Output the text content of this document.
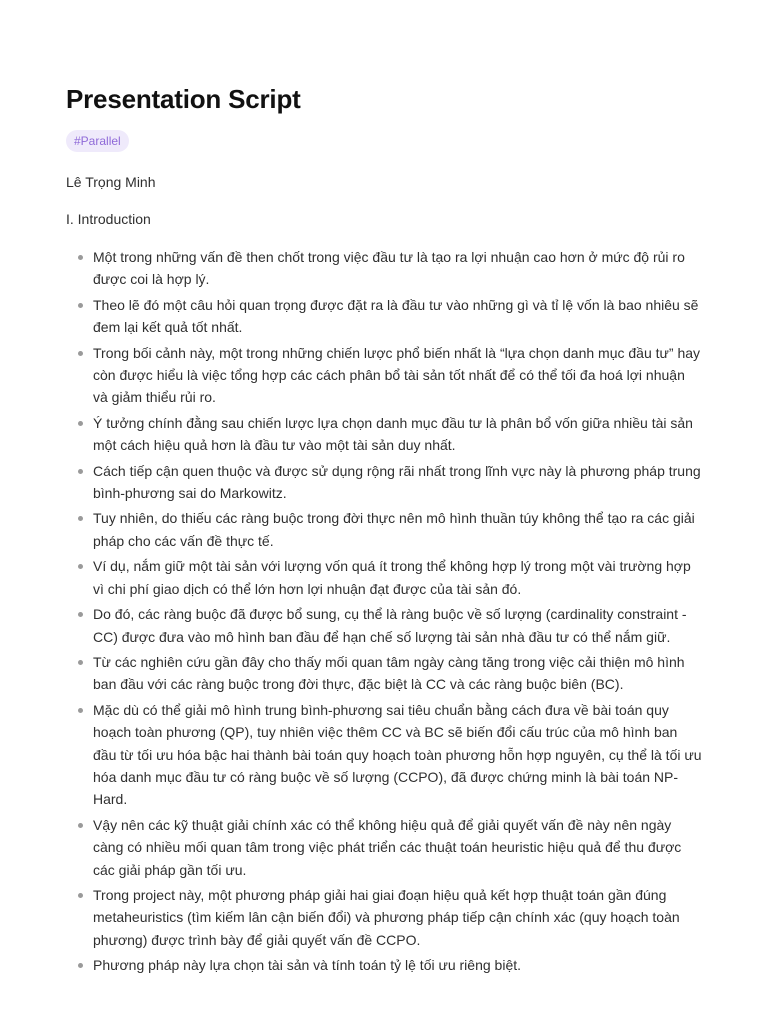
Presentation Script
#Parallel
Lê Trọng Minh
I. Introduction
Một trong những vấn đề then chốt trong việc đầu tư là tạo ra lợi nhuận cao hơn ở mức độ rủi ro được coi là hợp lý.
Theo lẽ đó một câu hỏi quan trọng được đặt ra là đầu tư vào những gì và tỉ lệ vốn là bao nhiêu sẽ đem lại kết quả tốt nhất.
Trong bối cảnh này, một trong những chiến lược phổ biến nhất là “lựa chọn danh mục đầu tư” hay còn được hiểu là việc tổng hợp các cách phân bổ tài sản tốt nhất để có thể tối đa hoá lợi nhuận và giảm thiểu rủi ro.
Ý tưởng chính đằng sau chiến lược lựa chọn danh mục đầu tư là phân bổ vốn giữa nhiều tài sản một cách hiệu quả hơn là đầu tư vào một tài sản duy nhất.
Cách tiếp cận quen thuộc và được sử dụng rộng rãi nhất trong lĩnh vực này là phương pháp trung bình-phương sai do Markowitz.
Tuy nhiên, do thiếu các ràng buộc trong đời thực nên mô hình thuần túy không thể tạo ra các giải pháp cho các vấn đề thực tế.
Ví dụ, nắm giữ một tài sản với lượng vốn quá ít trong thể không hợp lý trong một vài trường hợp vì chi phí giao dịch có thể lớn hơn lợi nhuận đạt được của tài sản đó.
Do đó, các ràng buộc đã được bổ sung, cụ thể là ràng buộc về số lượng (cardinality constraint - CC) được đưa vào mô hình ban đầu để hạn chế số lượng tài sản nhà đầu tư có thể nắm giữ.
Từ các nghiên cứu gần đây cho thấy mối quan tâm ngày càng tăng trong việc cải thiện mô hình ban đầu với các ràng buộc trong đời thực, đặc biệt là CC và các ràng buộc biên (BC).
Mặc dù có thể giải mô hình trung bình-phương sai tiêu chuẩn bằng cách đưa về bài toán quy hoạch toàn phương (QP), tuy nhiên việc thêm CC và BC sẽ biến đổi cấu trúc của mô hình ban đầu từ tối ưu hóa bậc hai thành bài toán quy hoạch toàn phương hỗn hợp nguyên, cụ thể là tối ưu hóa danh mục đầu tư có ràng buộc về số lượng (CCPO), đã được chứng minh là bài toán NP-Hard.
Vậy nên các kỹ thuật giải chính xác có thể không hiệu quả để giải quyết vấn đề này nên ngày càng có nhiều mối quan tâm trong việc phát triển các thuật toán heuristic hiệu quả để thu được các giải pháp gần tối ưu.
Trong project này, một phương pháp giải hai giai đoạn hiệu quả kết hợp thuật toán gần đúng metaheuristics (tìm kiếm lân cận biến đổi) và phương pháp tiếp cận chính xác (quy hoạch toàn phương) được trình bày để giải quyết vấn đề CCPO.
Phương pháp này lựa chọn tài sản và tính toán tỷ lệ tối ưu riêng biệt.
